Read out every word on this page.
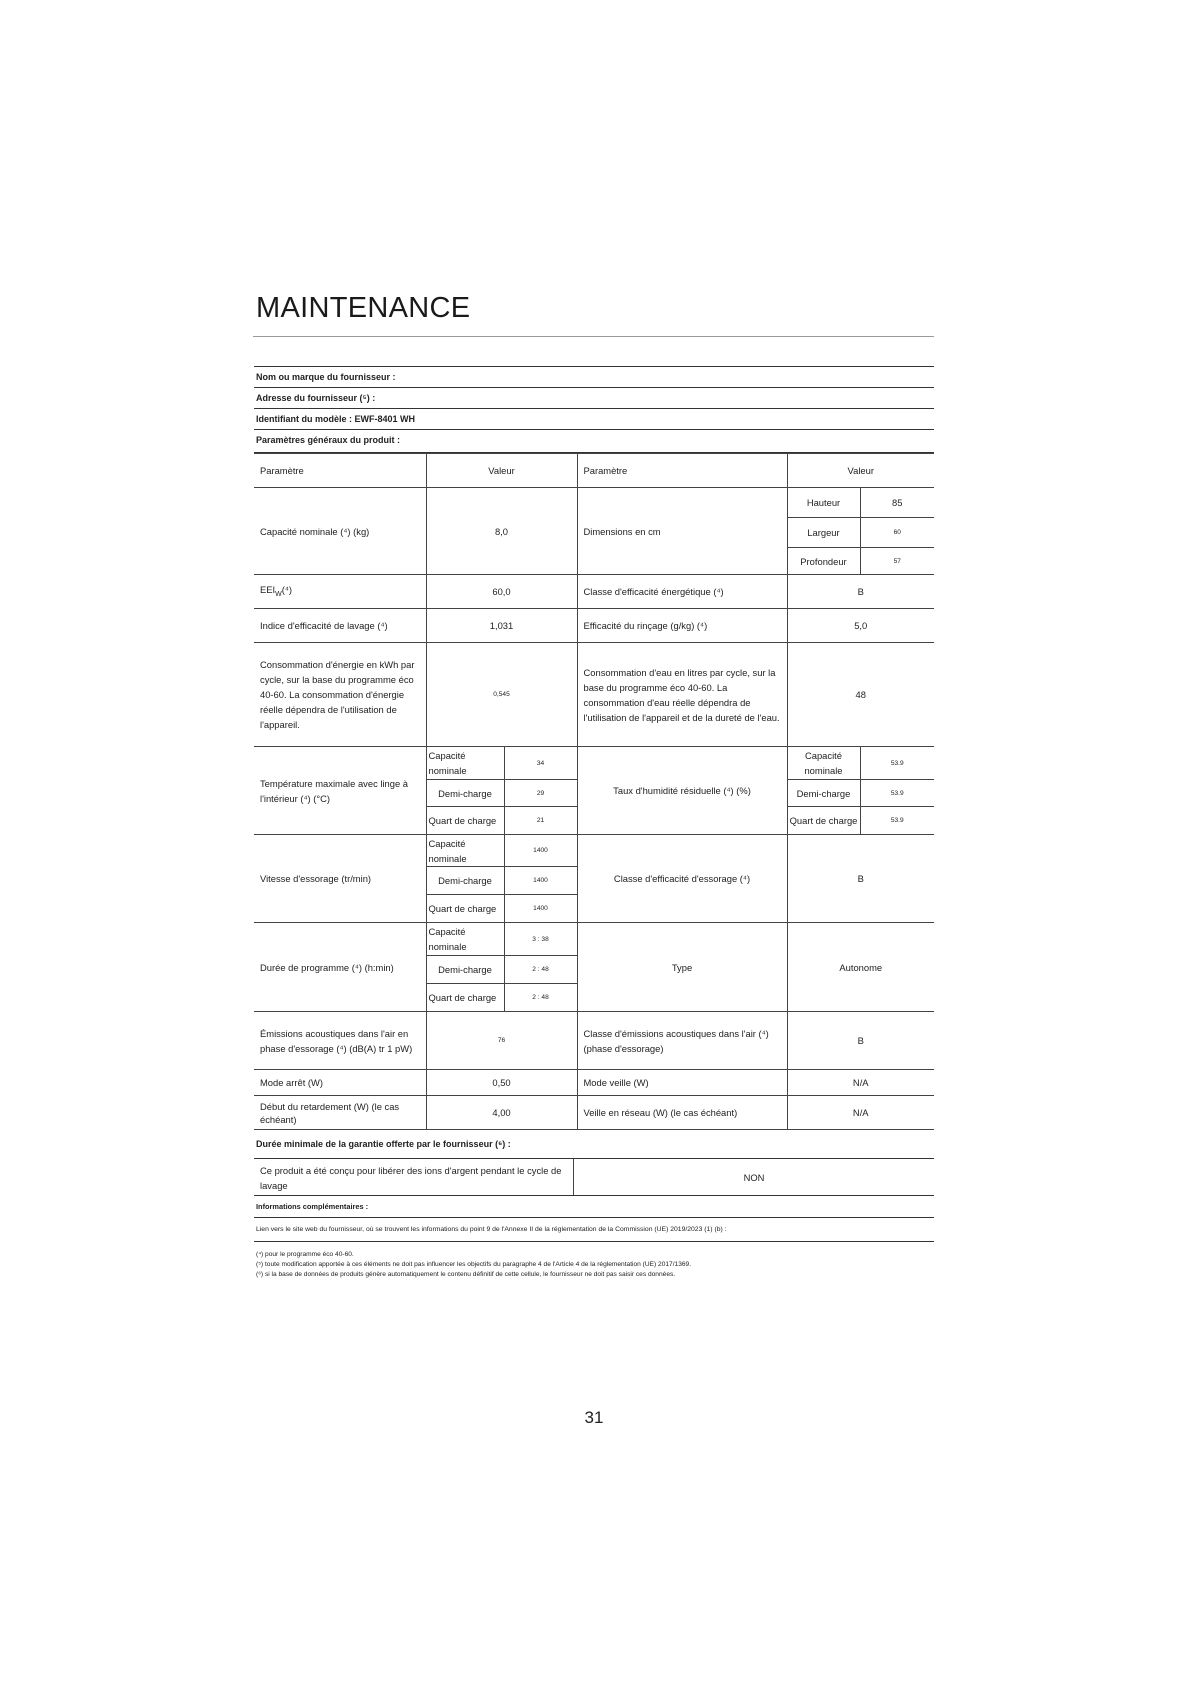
MAINTENANCE
Nom ou marque du fournisseur :
Adresse du fournisseur (⁵) :
Identifiant du modèle : EWF-8401 WH
Paramètres généraux du produit :
Paramètre	Valeur		Paramètre	Valeur	
Capacité nominale (⁴) (kg)	8,0		Dimensions en cm	Hauteur	85
				Largeur	60
				Profondeur	57
$EEI_W(^4)$	60,0		Classe d'efficacité énergétique (⁴)	B	
Indice d'efficacité de lavage (⁴)	1,031		Efficacité du rinçage (g/kg) (⁴)	5,0	
Consommation d'énergie en kWh par cycle, sur la base du programme éco 40-60. La consommation d'énergie réelle dépendra de l'utilisation de l'appareil.	0,545		Consommation d'eau en litres par cycle, sur la base du programme éco 40-60. La consommation d'eau réelle dépendra de l'utilisation de l'appareil et de la dureté de l'eau.	48	
Température maximale avec linge à l'intérieur (⁴) (°C)	Capacité nominale	34	Taux d'humidité résiduelle (⁴) (%)	Capacité nominale	53.9
	Demi-charge	29		Demi-charge	53.9
	Quart de charge	21		Quart de charge	53.9
Vitesse d'essorage (tr/min)	Capacité nominale	1400	Classe d'efficacité d'essorage (⁴)	B	
	Demi-charge	1400			
	Quart de charge	1400			
Durée de programme (⁴) (h:min)	Capacité nominale	3 : 38	Type	Autonome	
	Demi-charge	2 : 48			
	Quart de charge	2 : 48			
Émissions acoustiques dans l'air en phase d'essorage (⁴) (dB(A) tr 1 pW)	76		Classe d'émissions acoustiques dans l'air (⁴) (phase d'essorage)	B	
Mode arrêt (W)	0,50		Mode veille (W)	N/A	
Début du retardement (W) (le cas échéant)	4,00		Veille en réseau (W) (le cas échéant)	N/A	
Durée minimale de la garantie offerte par le fournisseur (⁶) :
Ce produit a été conçu pour libérer des ions d'argent pendant le cycle de lavage
NON
Informations complémentaires :
Lien vers le site web du fournisseur, où se trouvent les informations du point 9 de l'Annexe II de la réglementation de la Commission (UE) 2019/2023 (1) (b) :
(⁴) pour le programme éco 40-60.
(⁵) toute modification apportée à ces éléments ne doit pas influencer les objectifs du paragraphe 4 de l'Article 4 de la réglementation (UE) 2017/1369.
(⁶) si la base de données de produits génère automatiquement le contenu définitif de cette cellule, le fournisseur ne doit pas saisir ces données.
31
